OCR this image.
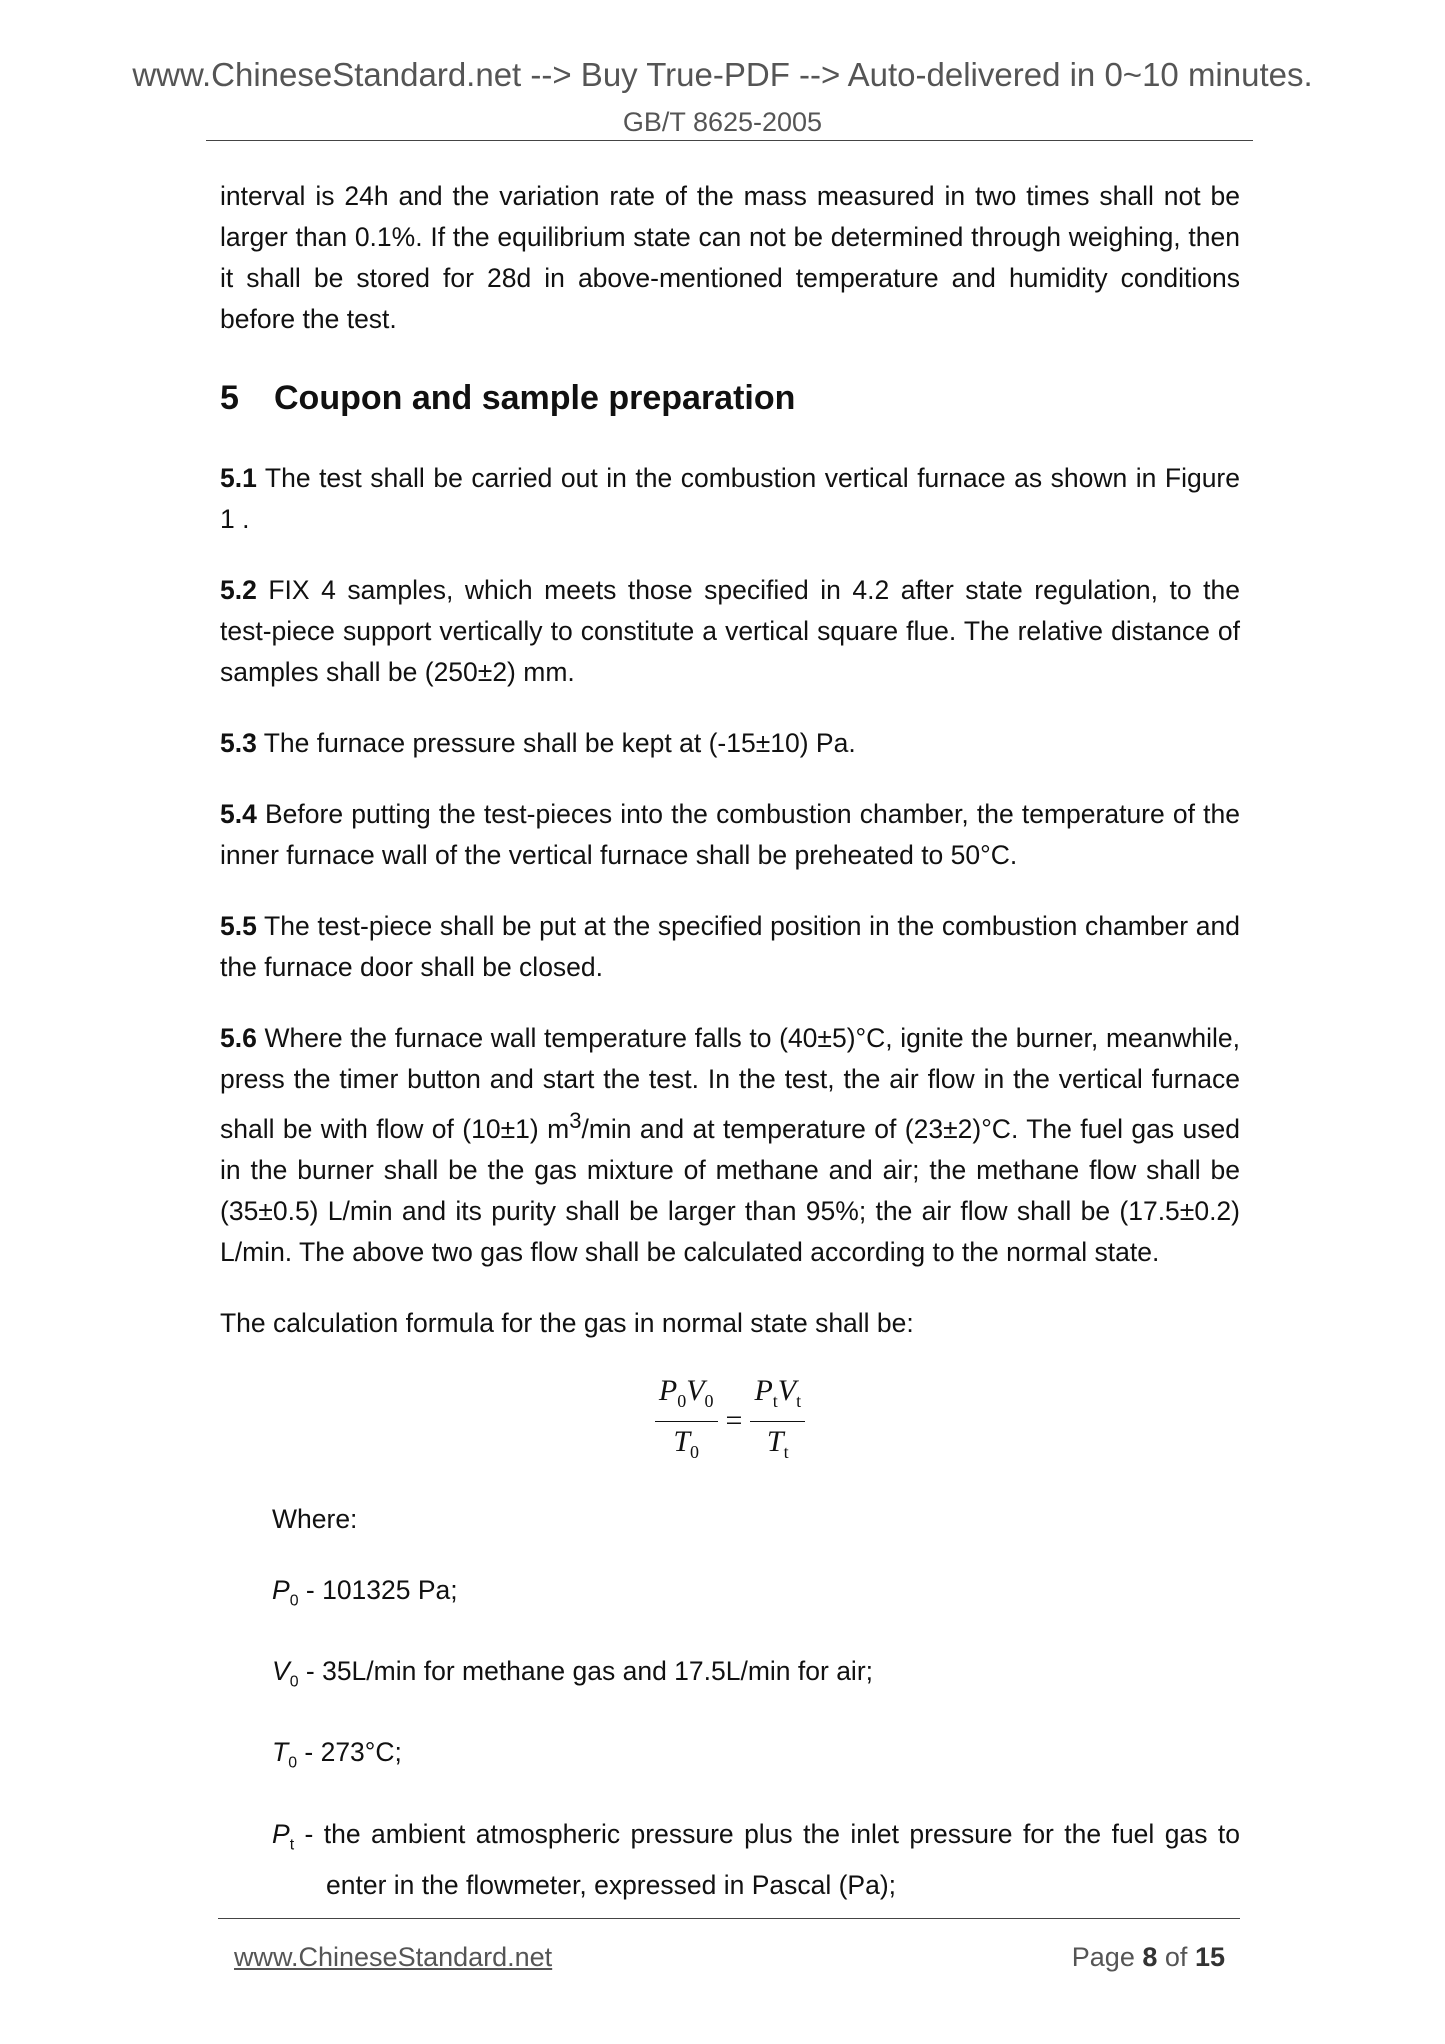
www.ChineseStandard.net --> Buy True-PDF --> Auto-delivered in 0~10 minutes.
GB/T 8625-2005

interval is 24h and the variation rate of the mass measured in two times shall not be larger than 0.1%. If the equilibrium state can not be determined through weighing, then it shall be stored for 28d in above-mentioned temperature and humidity conditions before the test.

5 Coupon and sample preparation

5.1 The test shall be carried out in the combustion vertical furnace as shown in Figure 1 .

5.2 FIX 4 samples, which meets those specified in 4.2 after state regulation, to the test-piece support vertically to constitute a vertical square flue. The relative distance of samples shall be (250±2) mm.

5.3 The furnace pressure shall be kept at (-15±10) Pa.

5.4 Before putting the test-pieces into the combustion chamber, the temperature of the inner furnace wall of the vertical furnace shall be preheated to 50°C.

5.5 The test-piece shall be put at the specified position in the combustion chamber and the furnace door shall be closed.

5.6 Where the furnace wall temperature falls to (40±5)°C, ignite the burner, meanwhile, press the timer button and start the test. In the test, the air flow in the vertical furnace shall be with flow of (10±1) $m^3/\min$ and at temperature of (23±2)°C. The fuel gas used in the burner shall be the gas mixture of methane and air; the methane flow shall be (35±0.5) L/min and its purity shall be larger than 95%; the air flow shall be (17.5±0.2) L/min. The above two gas flow shall be calculated according to the normal state.

The calculation formula for the gas in normal state shall be:

$\frac{P_0V_0}{T_0} = \frac{P_tV_t}{T_t}$

Where:

$P_0 - 101325$ Pa;
$V_0 - 35L/\min$ for methane gas and 17.5L/min for air;
$T_0 - 273^\circ C$;
$P_t$ - the ambient atmospheric pressure plus the inlet pressure for the fuel gas to enter in the flowmeter, expressed in Pascal (Pa);
www.ChineseStandard.net	Page 8 of 15
